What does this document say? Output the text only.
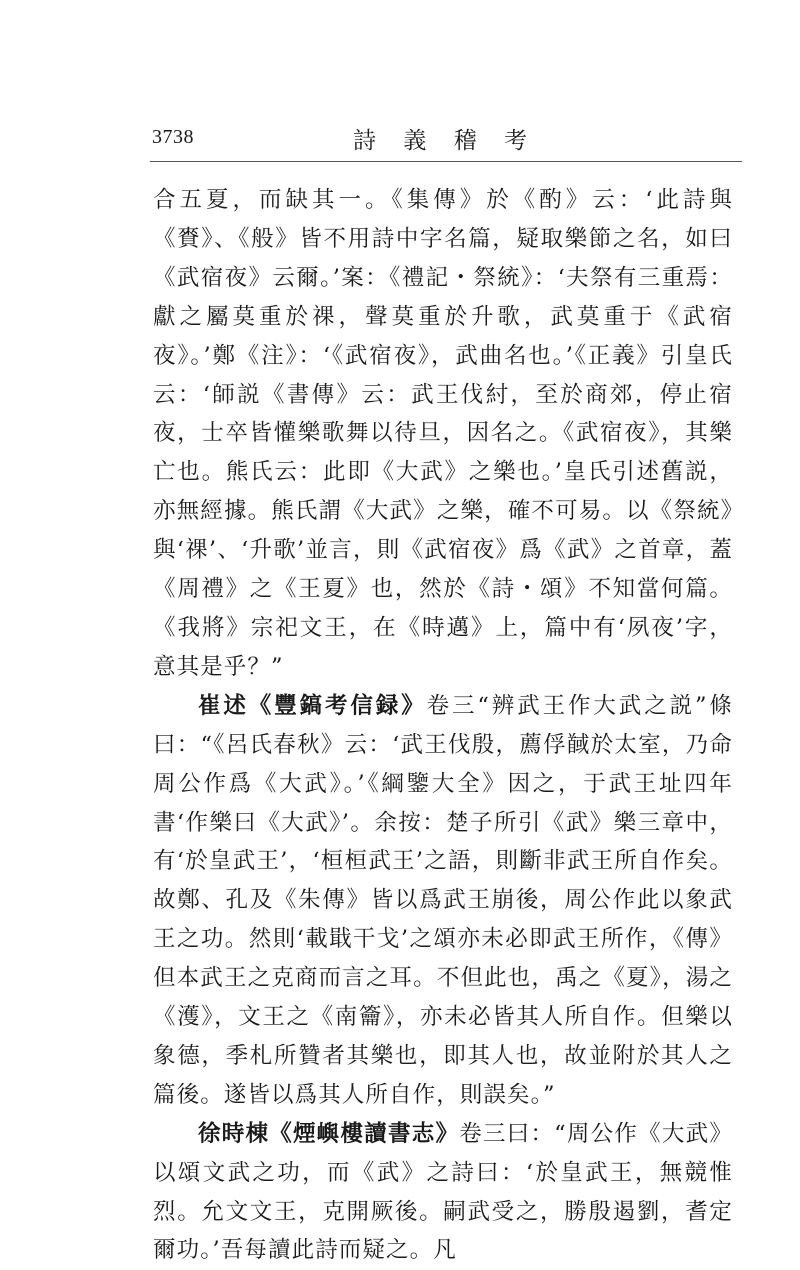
3738	詩 義 稽 考

合五夏，而缺其一。《集傳》於《酌》云：‘此詩與《賚》、《般》皆不用詩中字名篇，疑取樂節之名，如曰《武宿夜》云爾。’案：《禮記・祭統》：‘夫祭有三重焉：獻之屬莫重於祼，聲莫重於升歌，武莫重于《武宿夜》。’鄭《注》：‘《武宿夜》，武曲名也。’《正義》引皇氏云：‘師説《書傳》云：武王伐紂，至於商郊，停止宿夜，士卒皆懽樂歌舞以待旦，因名之。《武宿夜》，其樂亡也。熊氏云：此即《大武》之樂也。’皇氏引述舊説，亦無經據。熊氏謂《大武》之樂，確不可易。以《祭統》與‘祼’、‘升歌’並言，則《武宿夜》爲《武》之首章，蓋《周禮》之《王夏》也，然於《詩・頌》不知當何篇。《我將》宗祀文王，在《時邁》上，篇中有‘夙夜’字，意其是乎？”

崔述《豐鎬考信録》卷三“辨武王作大武之説”條曰：“《呂氏春秋》云：‘武王伐殷，薦俘馘於太室，乃命周公作爲《大武》。’《綱鑒大全》因之，于武王址四年書‘作樂曰《大武》’。余按：楚子所引《武》樂三章中，有‘於皇武王’，‘桓桓武王’之語，則斷非武王所自作矣。故鄭、孔及《朱傳》皆以爲武王崩後，周公作此以象武王之功。然則‘載戢干戈’之頌亦未必即武王所作，《傳》但本武王之克商而言之耳。不但此也，禹之《夏》，湯之《濩》，文王之《南籥》，亦未必皆其人所自作。但樂以象德，季札所贊者其樂也，即其人也，故並附於其人之篇後。遂皆以爲其人所自作，則誤矣。”

徐時棟《煙嶼樓讀書志》卷三曰：“周公作《大武》以頌文武之功，而《武》之詩曰：‘於皇武王，無競惟烈。允文文王，克開厥後。嗣武受之，勝殷遏劉，耆定爾功。’吾每讀此詩而疑之。凡
